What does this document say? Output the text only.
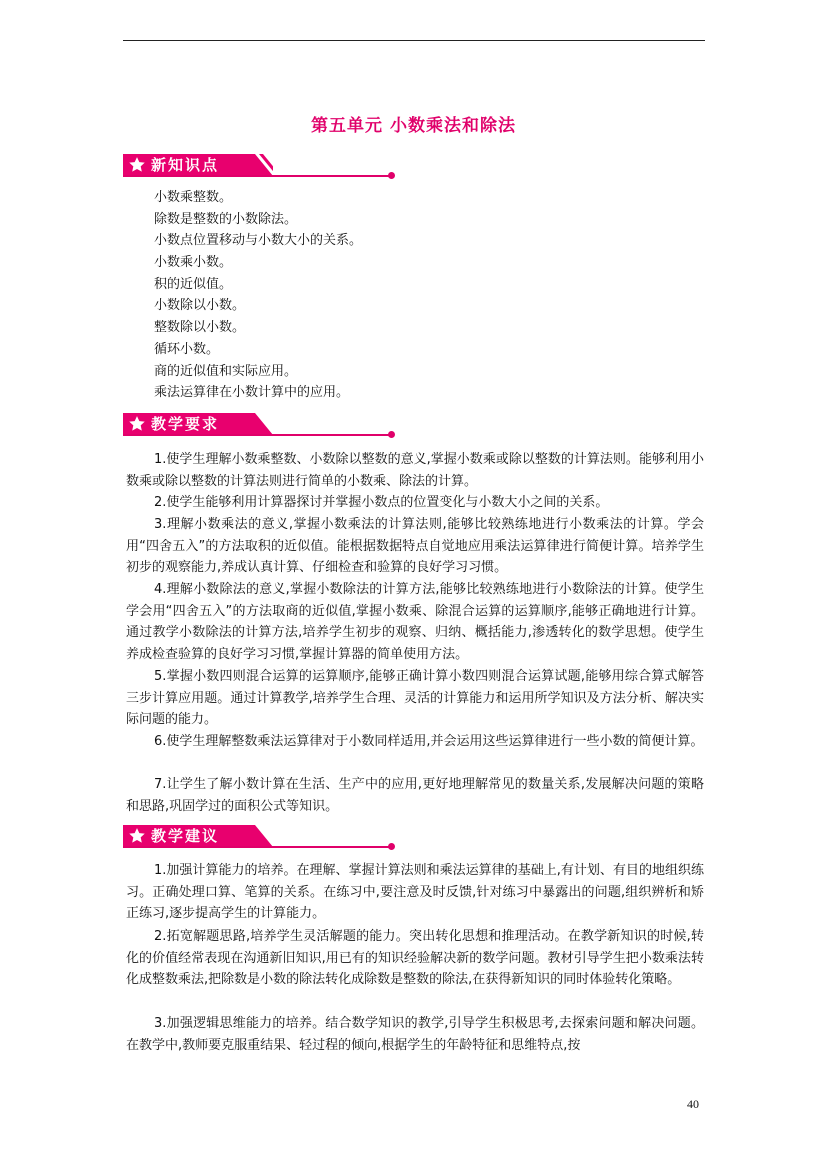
第五单元 小数乘法和除法
新知识点
小数乘整数。
除数是整数的小数除法。
小数点位置移动与小数大小的关系。
小数乘小数。
积的近似值。
小数除以小数。
整数除以小数。
循环小数。
商的近似值和实际应用。
乘法运算律在小数计算中的应用。
教学要求

1.使学生理解小数乘整数、小数除以整数的意义,掌握小数乘或除以整数的计算法则。能够利用小数乘或除以整数的计算法则进行简单的小数乘、除法的计算。

2.使学生能够利用计算器探讨并掌握小数点的位置变化与小数大小之间的关系。

3.理解小数乘法的意义,掌握小数乘法的计算法则,能够比较熟练地进行小数乘法的计算。学会用“四舍五入”的方法取积的近似值。能根据数据特点自觉地应用乘法运算律进行简便计算。培养学生初步的观察能力,养成认真计算、仔细检查和验算的良好学习习惯。

4.理解小数除法的意义,掌握小数除法的计算方法,能够比较熟练地进行小数除法的计算。使学生学会用“四舍五入”的方法取商的近似值,掌握小数乘、除混合运算的运算顺序,能够正确地进行计算。通过教学小数除法的计算方法,培养学生初步的观察、归纳、概括能力,渗透转化的数学思想。使学生养成检查验算的良好学习习惯,掌握计算器的简单使用方法。

5.掌握小数四则混合运算的运算顺序,能够正确计算小数四则混合运算试题,能够用综合算式解答三步计算应用题。通过计算教学,培养学生合理、灵活的计算能力和运用所学知识及方法分析、解决实际问题的能力。

6.使学生理解整数乘法运算律对于小数同样适用,并会运用这些运算律进行一些小数的简便计算。

7.让学生了解小数计算在生活、生产中的应用,更好地理解常见的数量关系,发展解决问题的策略和思路,巩固学过的面积公式等知识。

教学建议

1.加强计算能力的培养。在理解、掌握计算法则和乘法运算律的基础上,有计划、有目的地组织练习。正确处理口算、笔算的关系。在练习中,要注意及时反馈,针对练习中暴露出的问题,组织辨析和矫正练习,逐步提高学生的计算能力。

2.拓宽解题思路,培养学生灵活解题的能力。突出转化思想和推理活动。在教学新知识的时候,转化的价值经常表现在沟通新旧知识,用已有的知识经验解决新的数学问题。教材引导学生把小数乘法转化成整数乘法,把除数是小数的除法转化成除数是整数的除法,在获得新知识的同时体验转化策略。

3.加强逻辑思维能力的培养。结合数学知识的教学,引导学生积极思考,去探索问题和解决问题。在教学中,教师要克服重结果、轻过程的倾向,根据学生的年龄特征和思维特点,按

40
